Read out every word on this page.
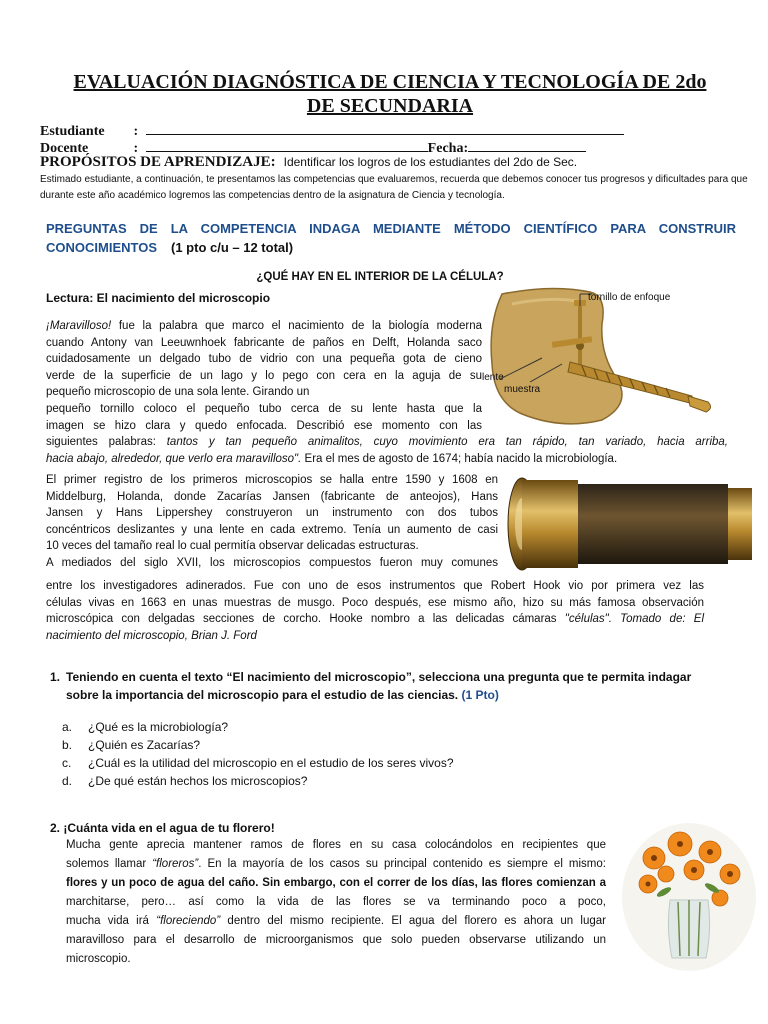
EVALUACIÓN DIAGNÓSTICA DE CIENCIA Y TECNOLOGÍA DE 2do
DE SECUNDARIA
Estudiante :
Docente	:	Fecha:
PROPÓSITOS DE APRENDIZAJE: Identificar los logros de los estudiantes del 2do de Sec.
Estimado estudiante, a continuación, te presentamos las competencias que evaluaremos, recuerda que debemos conocer tus progresos y dificultades para que durante este año académico logremos las competencias dentro de la asignatura de Ciencia y tecnología.
PREGUNTAS DE LA COMPETENCIA INDAGA MEDIANTE MÉTODO CIENTÍFICO PARA CONSTRUIR
CONOCIMIENTOS (1 pto c/u – 12 total)
¿QUÉ HAY EN EL INTERIOR DE LA CÉLULA?
Lectura: El nacimiento del microscopio	tornillo de enfoque
lente
muestra
¡Maravilloso! fue la palabra que marco el nacimiento de la biología moderna
cuando Antony van Leeuwnhoek fabricante de paños en Delft, Holanda saco
cuidadosamente un delgado tubo de vidrio con una pequeña gota de cieno
verde de la superficie de un lago y lo pego con cera en la aguja de su
pequeño microscopio de una sola lente. Girando un
pequeño tornillo coloco el pequeño tubo cerca de su lente hasta que la
imagen se hizo clara y quedo enfocada. Describió ese momento con las
siguientes palabras: tantos y tan pequeño animalitos, cuyo movimiento era tan rápido, tan variado, hacia arriba,
hacia abajo, alrededor, que verlo era maravilloso". Era el mes de agosto de 1674; había nacido la microbiología.
El primer registro de los primeros microscopios se halla entre 1590 y 1608 en
Middelburg, Holanda, donde Zacarías Jansen (fabricante de anteojos), Hans
Jansen y Hans Lippershey construyeron un instrumento con dos tubos
concéntricos deslizantes y una lente en cada extremo. Tenía un aumento de casi
10 veces del tamaño real lo cual permitía observar delicadas estructuras.
A mediados del siglo XVII, los microscopios compuestos fueron muy comunes
entre los investigadores adinerados. Fue con uno de esos instrumentos que Robert Hook vio por primera vez las
células vivas en 1663 en unas muestras de musgo. Poco después, ese mismo año, hizo su más famosa observación
microscópica con delgadas secciones de corcho. Hooke nombro a las delicadas cámaras "células". Tomado de: El
nacimiento del microscopio, Brian J. Ford
1. Teniendo en cuenta el texto “El nacimiento del microscopio”, selecciona una pregunta que te permita indagar
sobre la importancia del microscopio para el estudio de las ciencias. (1 Pto)
a.	¿Qué es la microbiología?
b.	¿Quién es Zacarías?
c.	¿Cuál es la utilidad del microscopio en el estudio de los seres vivos?
d.	¿De qué están hechos los microscopios?
2. ¡Cuánta vida en el agua de tu florero!
Mucha gente aprecia mantener ramos de flores en su casa colocándolos en recipientes que
solemos llamar “floreros”. En la mayoría de los casos su principal contenido es siempre el mismo:
flores y un poco de agua del caño. Sin embargo, con el correr de los días, las flores comienzan a
marchitarse, pero… así como la vida de las flores se va terminando poco a poco,
mucha vida irá “floreciendo” dentro del mismo recipiente. El agua del florero es ahora un lugar
maravilloso para el desarrollo de microorganismos que solo pueden observarse utilizando un
microscopio.
